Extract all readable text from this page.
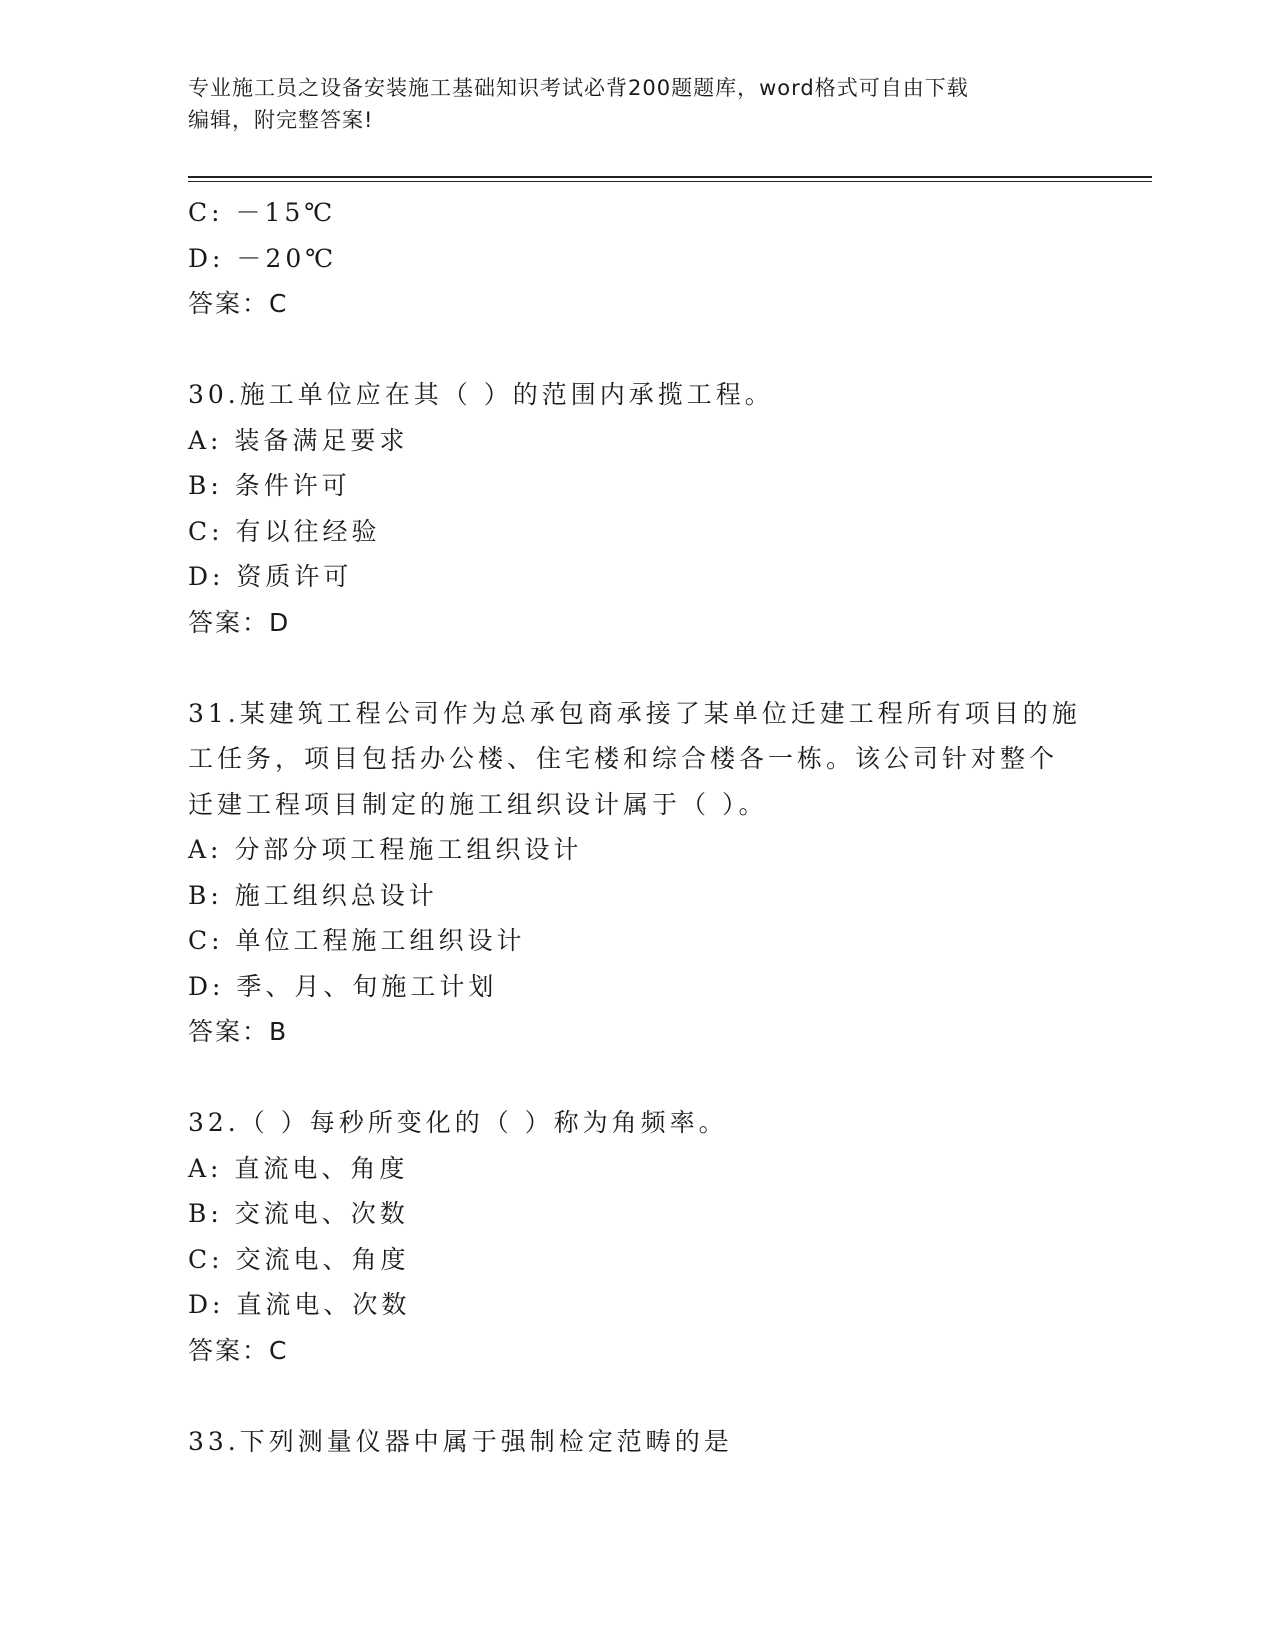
专业施工员之设备安装施工基础知识考试必背200题题库，word格式可自由下载
编辑，附完整答案!
C: －15℃
D: －20℃
答案：C
30.施工单位应在其（ ）的范围内承揽工程。
A: 装备满足要求
B: 条件许可
C: 有以往经验
D: 资质许可
答案：D
31.某建筑工程公司作为总承包商承接了某单位迁建工程所有项目的施
工任务，项目包括办公楼、住宅楼和综合楼各一栋。该公司针对整个
迁建工程项目制定的施工组织设计属于（ ）。
A: 分部分项工程施工组织设计
B: 施工组织总设计
C: 单位工程施工组织设计
D: 季、月、旬施工计划
答案：B
32.（ ）每秒所变化的（ ）称为角频率。
A: 直流电、角度
B: 交流电、次数
C: 交流电、角度
D: 直流电、次数
答案：C
33.下列测量仪器中属于强制检定范畴的是
